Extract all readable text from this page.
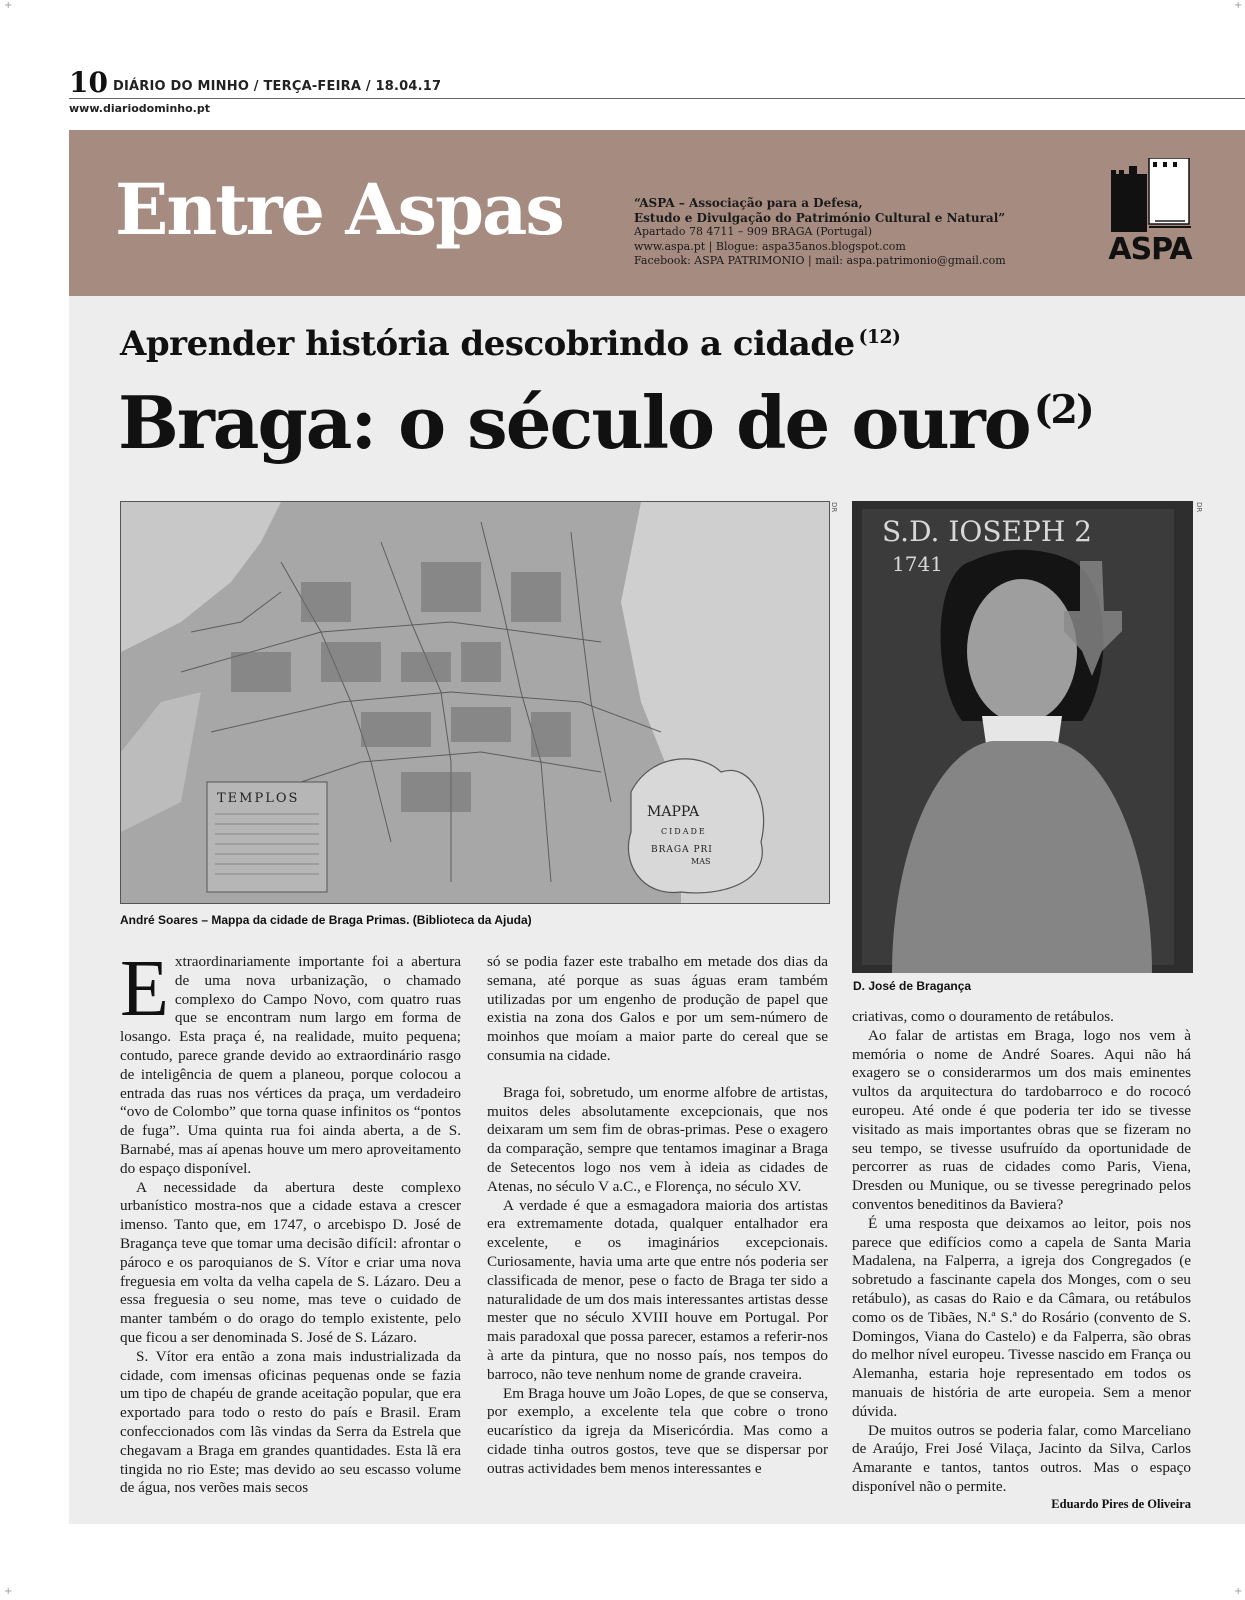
+	+
+	+
10 DIÁRIO DO MINHO / TERÇA-FEIRA / 18.04.17
www.diariodominho.pt
Entre Aspas	“ASPA – Associação para a Defesa,
Estudo e Divulgação do Património Cultural e Natural”
Apartado 78 4711 – 909 BRAGA (Portugal)
www.aspa.pt | Blogue: aspa35anos.blogspot.com
Facebook: ASPA PATRIMONIO | mail: aspa.patrimonio@gmail.com	ASPA
Aprender história descobrindo a cidade $^{(12)}$
Braga: o século de ouro $^{(2)}$
TEMPLOS
MAPPA
CIDADE
BRAGA PRI
MAS
DR
André Soares – Mappa da cidade de Braga Primas. (Biblioteca da Ajuda)
S.D. IOSEPH 2
1741
DR
D. José de Bragança

Extraordinariamente importante foi a abertura de uma nova urbanização, o chamado complexo do Campo Novo, com quatro ruas que se encontram num largo em forma de losango. Esta praça é, na realidade, muito pequena; contudo, parece grande devido ao extraordinário rasgo de inteligência de quem a planeou, porque colocou a entrada das ruas nos vértices da praça, um verdadeiro “ovo de Colombo” que torna quase infinitos os “pontos de fuga”. Uma quinta rua foi ainda aberta, a de S. Barnabé, mas aí apenas houve um mero aproveitamento do espaço disponível.

A necessidade da abertura deste complexo urbanístico mostra-nos que a cidade estava a crescer imenso. Tanto que, em 1747, o arcebispo D. José de Bragança teve que tomar uma decisão difícil: afrontar o pároco e os paroquianos de S. Vítor e criar uma nova freguesia em volta da velha capela de S. Lázaro. Deu a essa freguesia o seu nome, mas teve o cuidado de manter também o do orago do templo existente, pelo que ficou a ser denominada S. José de S. Lázaro.

S. Vítor era então a zona mais industrializada da cidade, com imensas oficinas pequenas onde se fazia um tipo de chapéu de grande aceitação popular, que era exportado para todo o resto do país e Brasil. Eram confeccionados com lãs vindas da Serra da Estrela que chegavam a Braga em grandes quantidades. Esta lã era tingida no rio Este; mas devido ao seu escasso volume de água, nos verões mais secos

só se podia fazer este trabalho em metade dos dias da semana, até porque as suas águas eram também utilizadas por um engenho de produção de papel que existia na zona dos Galos e por um sem-número de moinhos que moíam a maior parte do cereal que se consumia na cidade.

Braga foi, sobretudo, um enorme alfobre de artistas, muitos deles absolutamente excepcionais, que nos deixaram um sem fim de obras-primas. Pese o exagero da comparação, sempre que tentamos imaginar a Braga de Setecentos logo nos vem à ideia as cidades de Atenas, no século V a.C., e Florença, no século XV.

A verdade é que a esmagadora maioria dos artistas era extremamente dotada, qualquer entalhador era excelente, e os imaginários excepcionais. Curiosamente, havia uma arte que entre nós poderia ser classificada de menor, pese o facto de Braga ter sido a naturalidade de um dos mais interessantes artistas desse mester que no século XVIII houve em Portugal. Por mais paradoxal que possa parecer, estamos a referir-nos à arte da pintura, que no nosso país, nos tempos do barroco, não teve nenhum nome de grande craveira.

Em Braga houve um João Lopes, de que se conserva, por exemplo, a excelente tela que cobre o trono eucarístico da igreja da Misericórdia. Mas como a cidade tinha outros gostos, teve que se dispersar por outras actividades bem menos interessantes e

criativas, como o douramento de retábulos.

Ao falar de artistas em Braga, logo nos vem à memória o nome de André Soares. Aqui não há exagero se o considerarmos um dos mais eminentes vultos da arquitectura do tardobarroco e do rococó europeu. Até onde é que poderia ter ido se tivesse visitado as mais importantes obras que se fizeram no seu tempo, se tivesse usufruído da oportunidade de percorrer as ruas de cidades como Paris, Viena, Dresden ou Munique, ou se tivesse peregrinado pelos conventos beneditinos da Baviera?

É uma resposta que deixamos ao leitor, pois nos parece que edifícios como a capela de Santa Maria Madalena, na Falperra, a igreja dos Congregados (e sobretudo a fascinante capela dos Monges, com o seu retábulo), as casas do Raio e da Câmara, ou retábulos como os de Tibães, N.ª S.ª do Rosário (convento de S. Domingos, Viana do Castelo) e da Falperra, são obras do melhor nível europeu. Tivesse nascido em França ou Alemanha, estaria hoje representado em todos os manuais de história de arte europeia. Sem a menor dúvida.

De muitos outros se poderia falar, como Marceliano de Araújo, Frei José Vilaça, Jacinto da Silva, Carlos Amarante e tantos, tantos outros. Mas o espaço disponível não o permite.

Eduardo Pires de Oliveira
